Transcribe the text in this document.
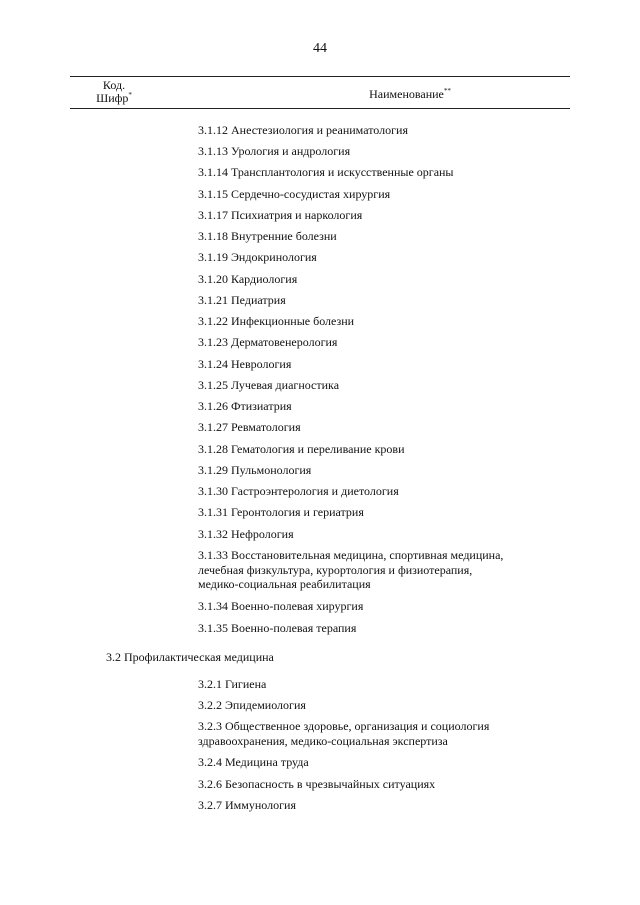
44
Код.
Шифр*	Наименование**
3.1.12 Анестезиология и реаниматология
3.1.13 Урология и андрология
3.1.14 Трансплантология и искусственные органы
3.1.15 Сердечно-сосудистая хирургия
3.1.17 Психиатрия и наркология
3.1.18 Внутренние болезни
3.1.19 Эндокринология
3.1.20 Кардиология
3.1.21 Педиатрия
3.1.22 Инфекционные болезни
3.1.23 Дерматовенерология
3.1.24 Неврология
3.1.25 Лучевая диагностика
3.1.26 Фтизиатрия
3.1.27 Ревматология
3.1.28 Гематология и переливание крови
3.1.29 Пульмонология
3.1.30 Гастроэнтерология и диетология
3.1.31 Геронтология и гериатрия
3.1.32 Нефрология
3.1.33 Восстановительная медицина, спортивная медицина,
лечебная физкультура, курортология и физиотерапия,
медико-социальная реабилитация
3.1.34 Военно-полевая хирургия
3.1.35 Военно-полевая терапия
3.2 Профилактическая медицина
3.2.1 Гигиена
3.2.2 Эпидемиология
3.2.3 Общественное здоровье, организация и социология
здравоохранения, медико-социальная экспертиза
3.2.4 Медицина труда
3.2.6 Безопасность в чрезвычайных ситуациях
3.2.7 Иммунология
